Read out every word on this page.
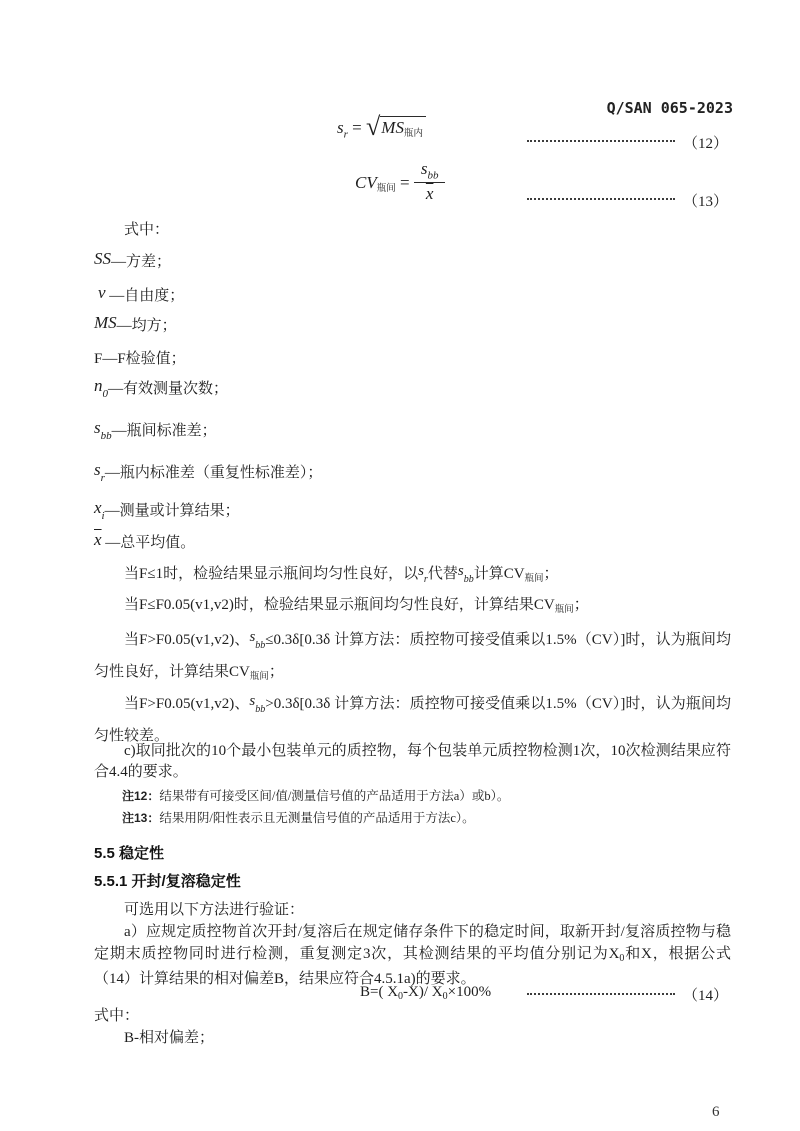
Q/SAN 065-2023
$s_r$ = √ $MS_{瓶内}$
（12）
$CV_{瓶间} = \frac{s_{bb}}{x}$	（13）
式中：
SS—方差；
v —自由度；
MS—均方；
F—F检验值；
$n_0—$有效测量次数；
$s_{bb}—$瓶间标准差；
$s_r—$瓶内标准差（重复性标准差）；
$x_i—$测量或计算结果；
$\overline{x}$ —总平均值。
当F≤1时，检验结果显示瓶间均匀性良好，以$s_r$代替$s_{bb}$计算$CV_{瓶间}$；
当F≤F0.05(v1,v2)时，检验结果显示瓶间均匀性良好，计算结果$CV_{瓶间}$；
当F>F0.05(v1,v2)、$s_{bb}\le 0.3\delta[0.3\delta$ 计算方法：质控物可接受值乘以1.5%（CV）]时，认为瓶间均匀性良好，计算结果$CV_{瓶间}$；
当F>F0.05(v1,v2)、$s_{bb}>0.3\delta[0.3\delta$ 计算方法：质控物可接受值乘以1.5%（CV）]时，认为瓶间均匀性较差。
c)取同批次的10个最小包装单元的质控物，每个包装单元质控物检测1次，10次检测结果应符合4.4的要求。
注12：结果带有可接受区间/值/测量信号值的产品适用于方法a）或b）。
注13：结果用阴/阳性表示且无测量信号值的产品适用于方法c）。
5.5 稳定性
5.5.1 开封/复溶稳定性
可选用以下方法进行验证：
a）应规定质控物首次开封/复溶后在规定储存条件下的稳定时间，取新开封/复溶质控物与稳定期末质控物同时进行检测，重复测定3次，其检测结果的平均值分别记为$X_0$和X，根据公式（14）计算结果的相对偏差B，结果应符合4.5.1a)的要求。
B=( $X_0-X)/$ $X_0\times 100\%$	（14）
式中：
B-相对偏差；
6
